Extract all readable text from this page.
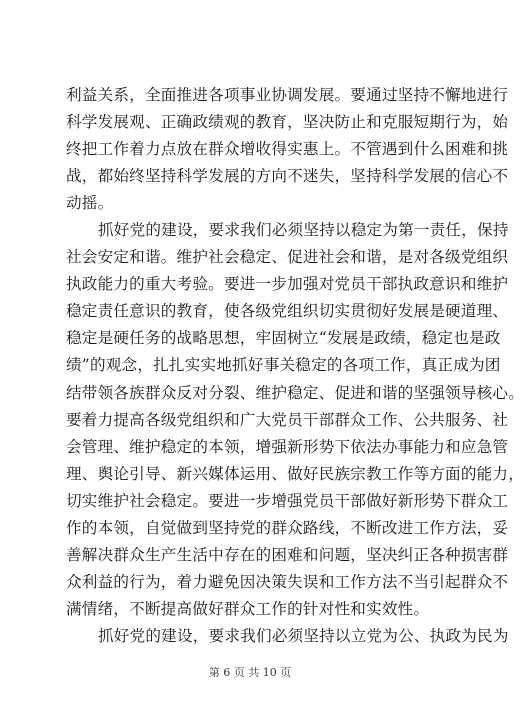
利益关系，全面推进各项事业协调发展。要通过坚持不懈地进行
科学发展观、正确政绩观的教育，坚决防止和克服短期行为，始
终把工作着力点放在群众增收得实惠上。不管遇到什么困难和挑
战，都始终坚持科学发展的方向不迷失，坚持科学发展的信心不
动摇。
抓好党的建设，要求我们必须坚持以稳定为第一责任，保持
社会安定和谐。维护社会稳定、促进社会和谐，是对各级党组织
执政能力的重大考验。要进一步加强对党员干部执政意识和维护
稳定责任意识的教育，使各级党组织切实贯彻好发展是硬道理、
稳定是硬任务的战略思想，牢固树立“发展是政绩，稳定也是政
绩”的观念，扎扎实实地抓好事关稳定的各项工作，真正成为团
结带领各族群众反对分裂、维护稳定、促进和谐的坚强领导核心。
要着力提高各级党组织和广大党员干部群众工作、公共服务、社
会管理、维护稳定的本领，增强新形势下依法办事能力和应急管
理、舆论引导、新兴媒体运用、做好民族宗教工作等方面的能力，
切实维护社会稳定。要进一步增强党员干部做好新形势下群众工
作的本领，自觉做到坚持党的群众路线，不断改进工作方法，妥
善解决群众生产生活中存在的困难和问题，坚决纠正各种损害群
众利益的行为，着力避免因决策失误和工作方法不当引起群众不
满情绪，不断提高做好群众工作的针对性和实效性。
抓好党的建设，要求我们必须坚持以立党为公、执政为民为
第 6 页 共 10 页
